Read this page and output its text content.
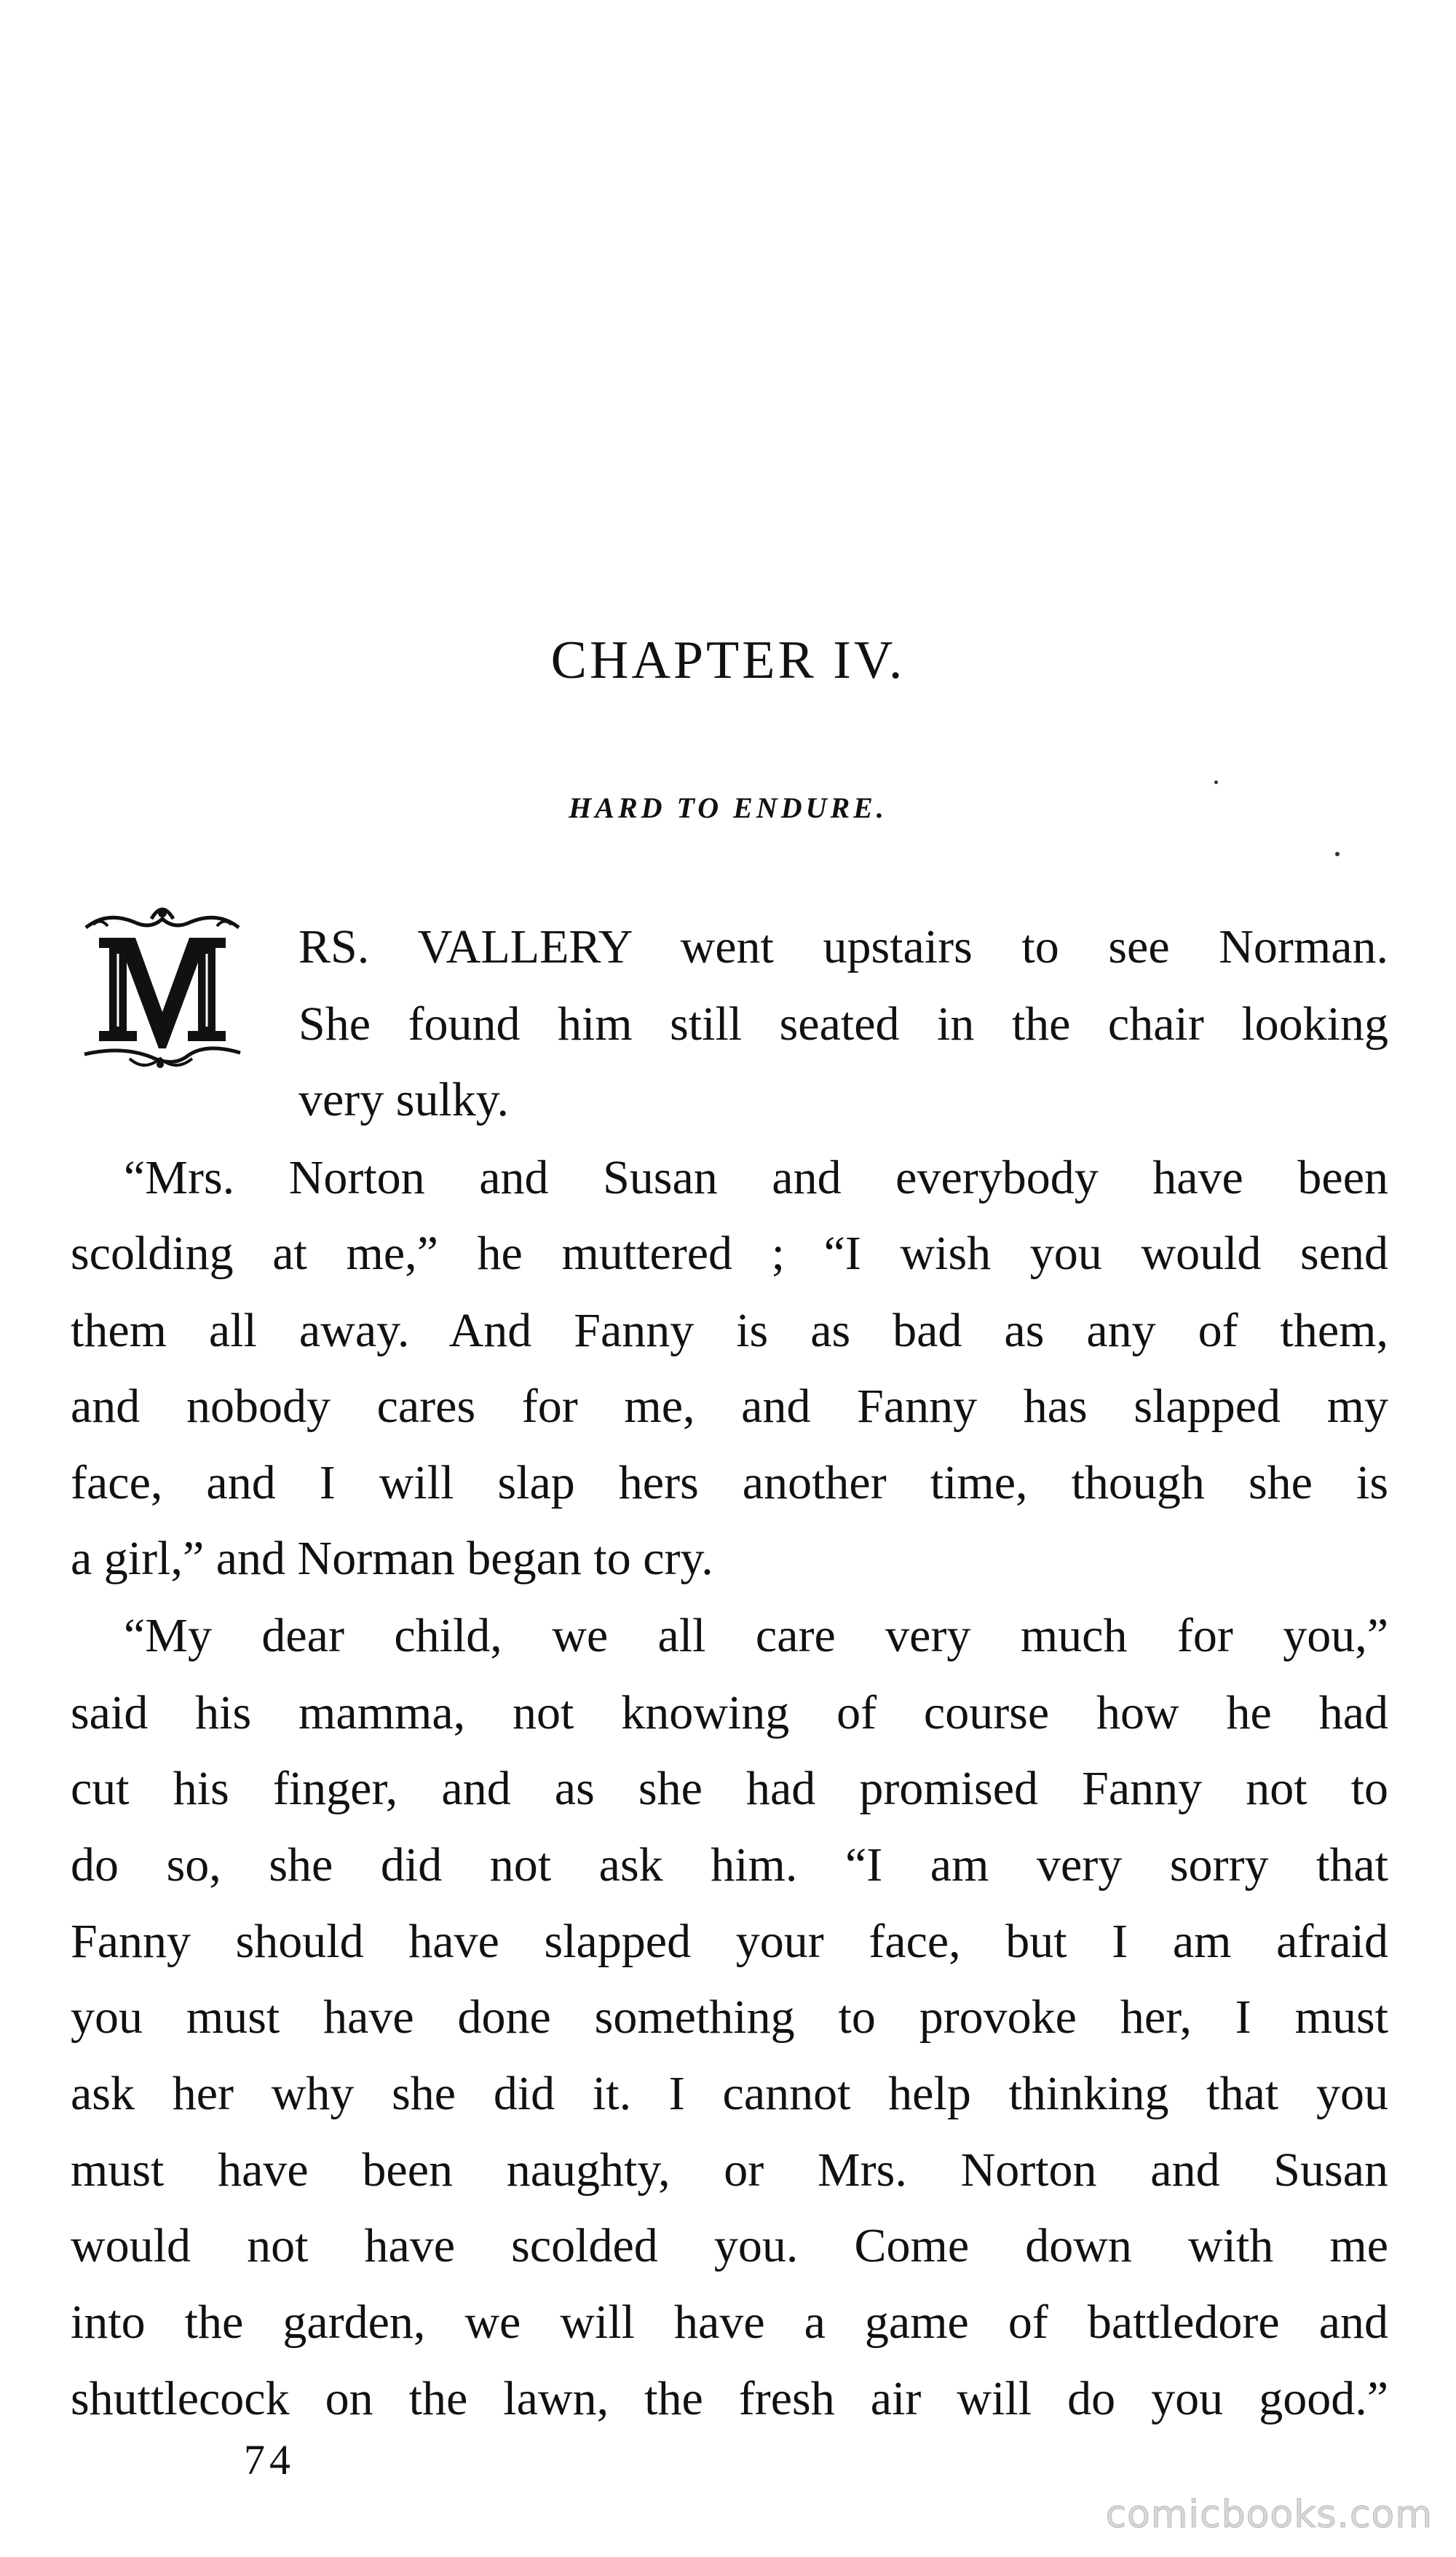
CHAPTER IV.
HARD TO ENDURE.

RS. VALLERY went upstairs to see Norman.

She found him still seated in the chair looking

very sulky.

“Mrs. Norton and Susan and everybody have been

scolding at me,” he muttered ; “I wish you would send

them all away. And Fanny is as bad as any of them,

and nobody cares for me, and Fanny has slapped my

face, and I will slap hers another time, though she is

a girl,” and Norman began to cry.

“My dear child, we all care very much for you,”

said his mamma, not knowing of course how he had

cut his finger, and as she had promised Fanny not to

do so, she did not ask him. “I am very sorry that

Fanny should have slapped your face, but I am afraid

you must have done something to provoke her, I must

ask her why she did it. I cannot help thinking that you

must have been naughty, or Mrs. Norton and Susan

would not have scolded you. Come down with me

into the garden, we will have a game of battledore and

shuttlecock on the lawn, the fresh air will do you good.”

74

comicbooks.com
